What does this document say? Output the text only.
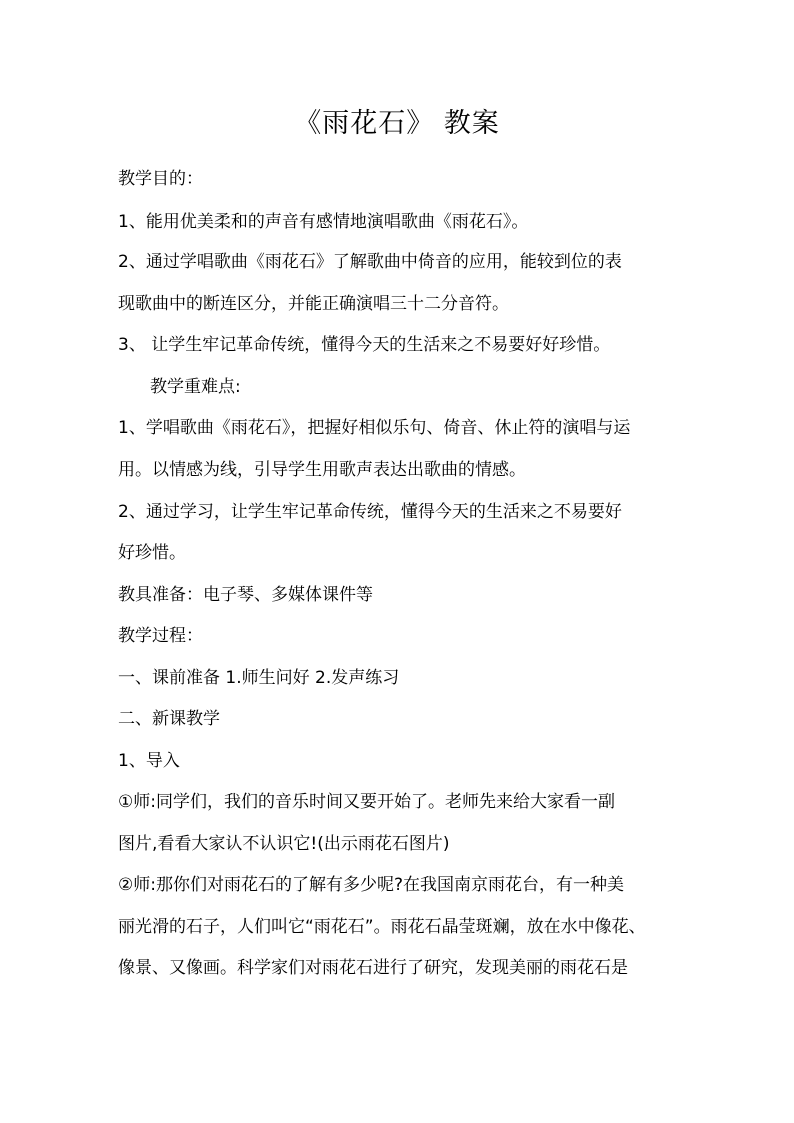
《雨花石》 教案
教学目的：
1、能用优美柔和的声音有感情地演唱歌曲《雨花石》。
2、通过学唱歌曲《雨花石》了解歌曲中倚音的应用，能较到位的表
现歌曲中的断连区分，并能正确演唱三十二分音符。
3、 让学生牢记革命传统，懂得今天的生活来之不易要好好珍惜。
教学重难点:
1、学唱歌曲《雨花石》，把握好相似乐句、倚音、休止符的演唱与运
用。以情感为线，引导学生用歌声表达出歌曲的情感。
2、通过学习，让学生牢记革命传统，懂得今天的生活来之不易要好
好珍惜。
教具准备：电子琴、多媒体课件等
教学过程：
一、课前准备 1.师生问好 2.发声练习
二、新课教学
1、导入
①师:同学们，我们的音乐时间又要开始了。老师先来给大家看一副
图片,看看大家认不认识它!(出示雨花石图片)
②师:那你们对雨花石的了解有多少呢?在我国南京雨花台，有一种美
丽光滑的石子，人们叫它“雨花石”。雨花石晶莹斑斓，放在水中像花、
像景、又像画。科学家们对雨花石进行了研究，发现美丽的雨花石是
